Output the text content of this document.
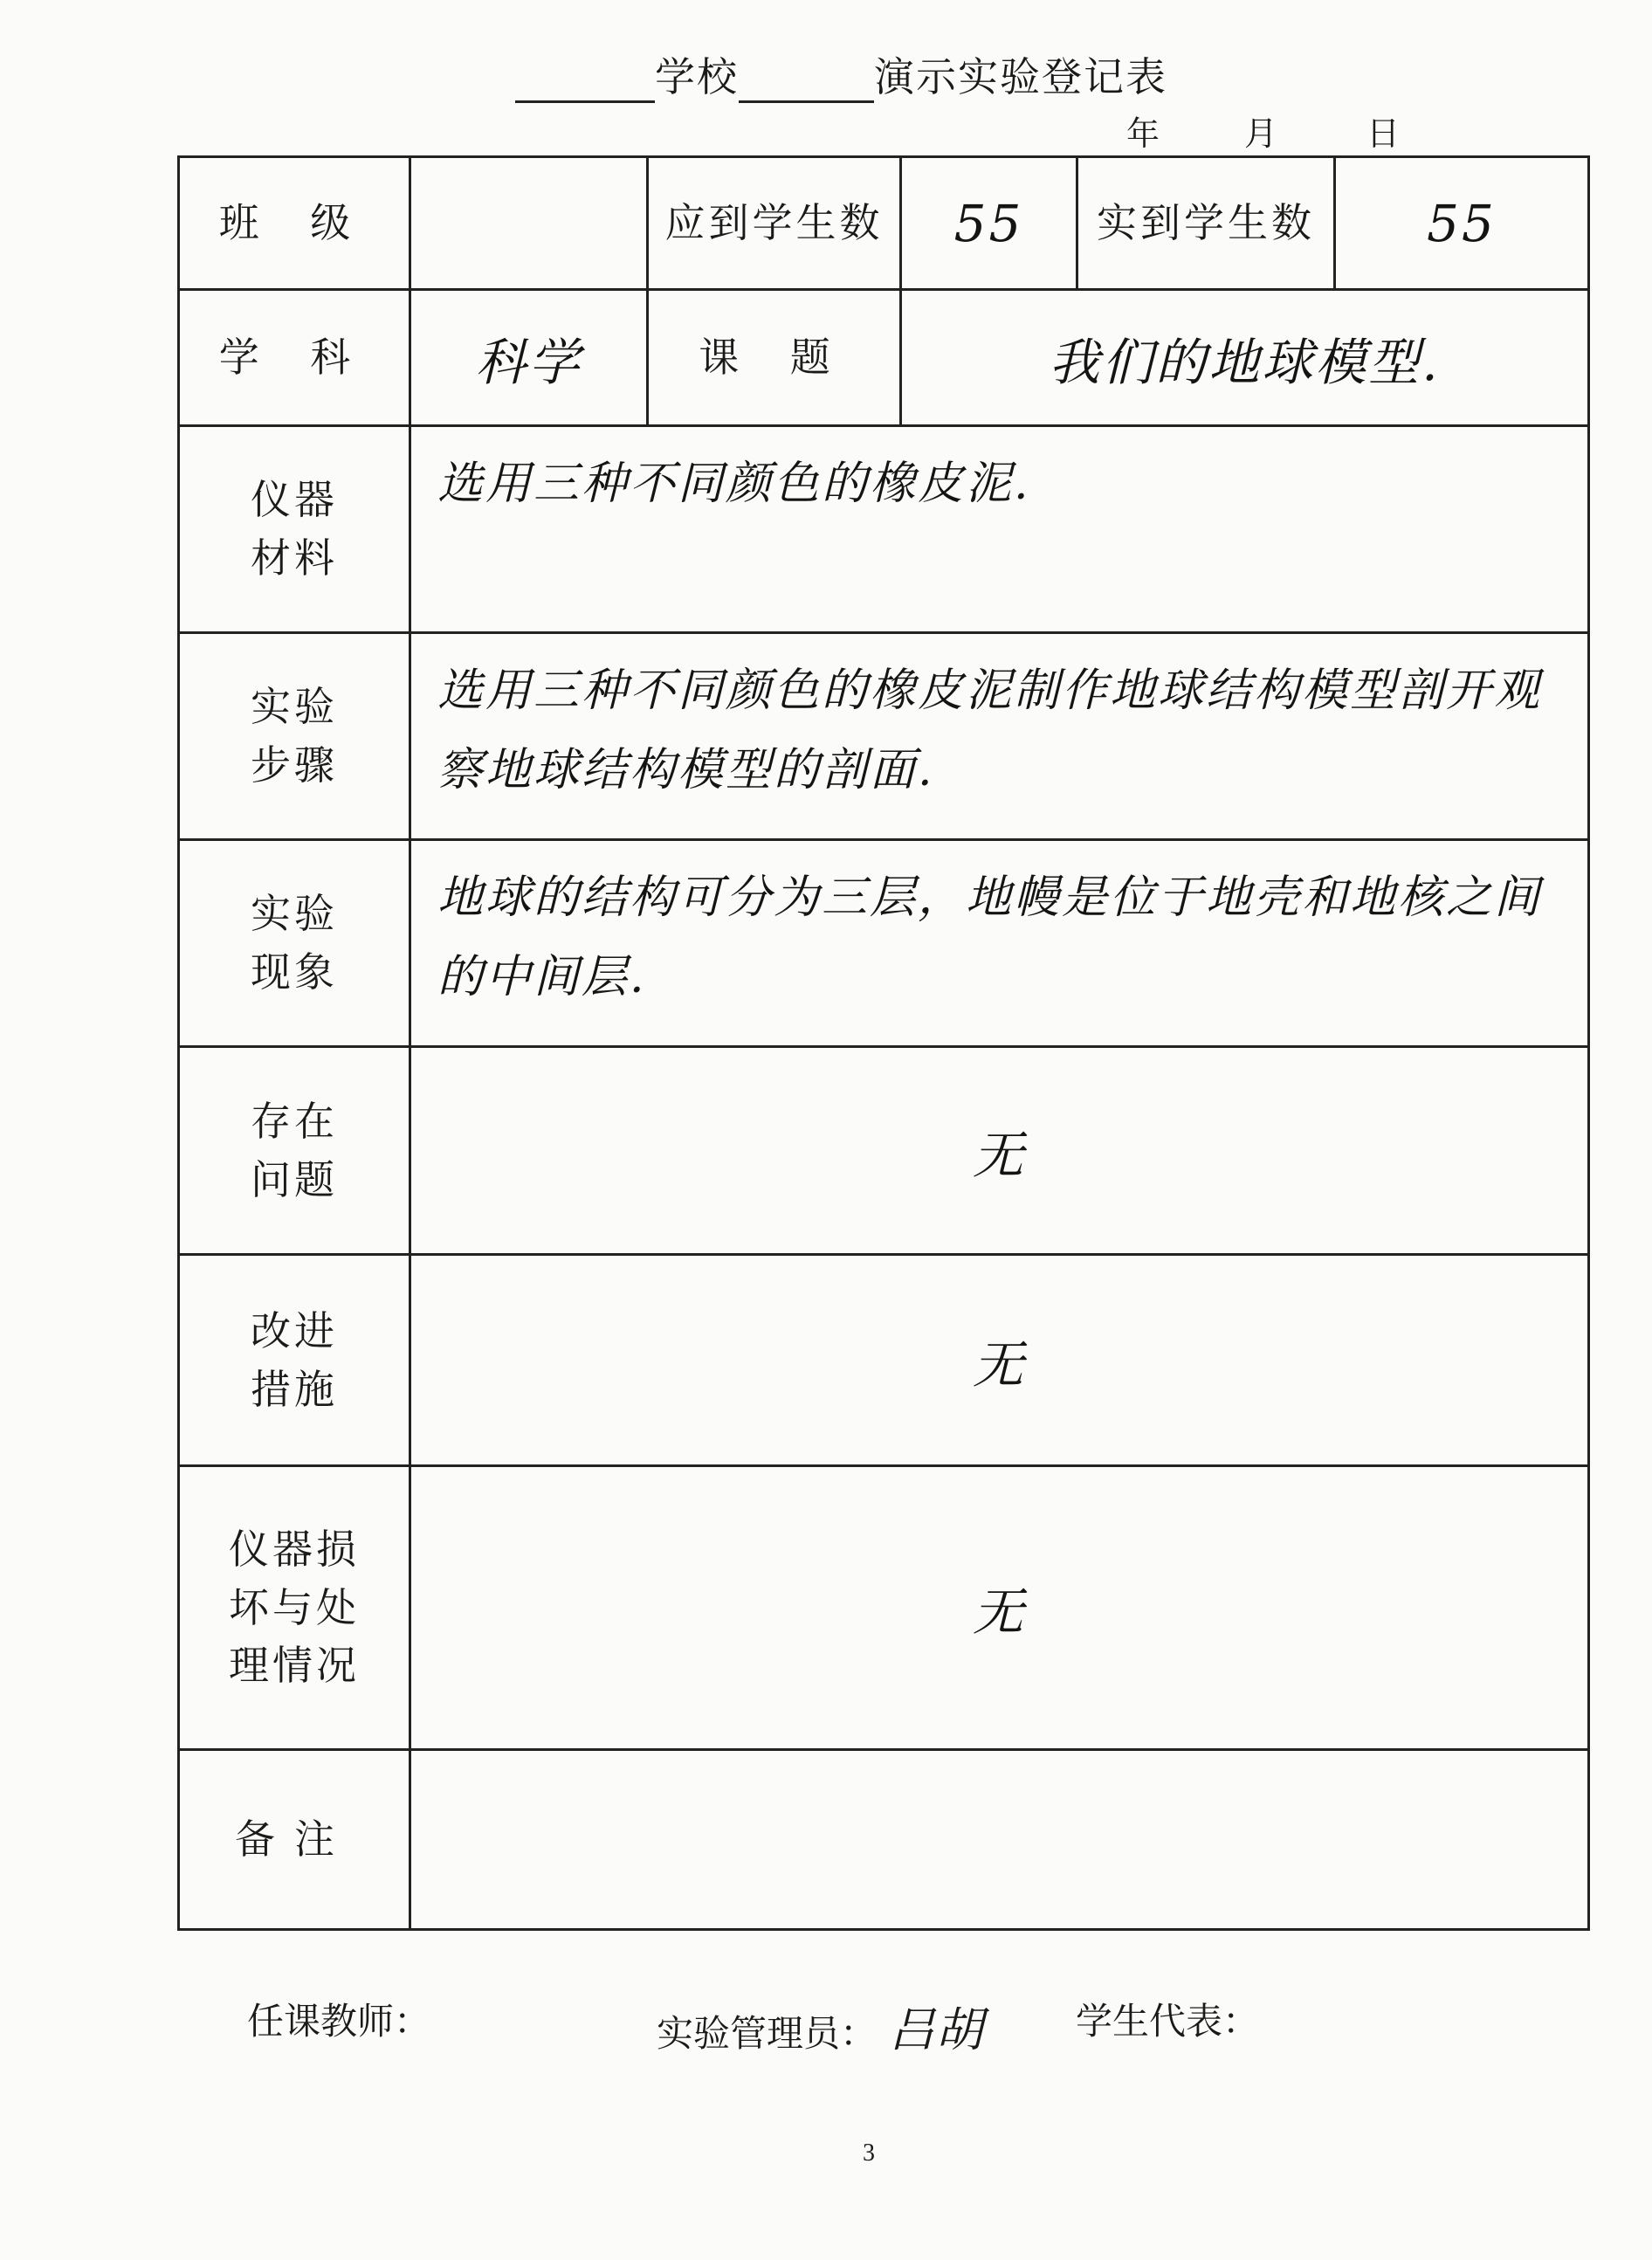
学校	演示实验登记表
年	月	日
班 级		应到学生数	55	实到学生数	55
学 科	科学	课 题	我们的地球模型.		

仪器
材料	选用三种不同颜色的橡皮泥.				

实验
步骤	选用三种不同颜色的橡皮泥制作地球结构模型剖开观察地球结构模型的剖面.				

实验
现象	地球的结构可分为三层，地幔是位于地壳和地核之间的中间层.				

存在
问题	无				

改进
措施	无				

仪器损
坏与处
理情况	无				
备注					
任课教师：	实验管理员： 吕胡	学生代表：
3
